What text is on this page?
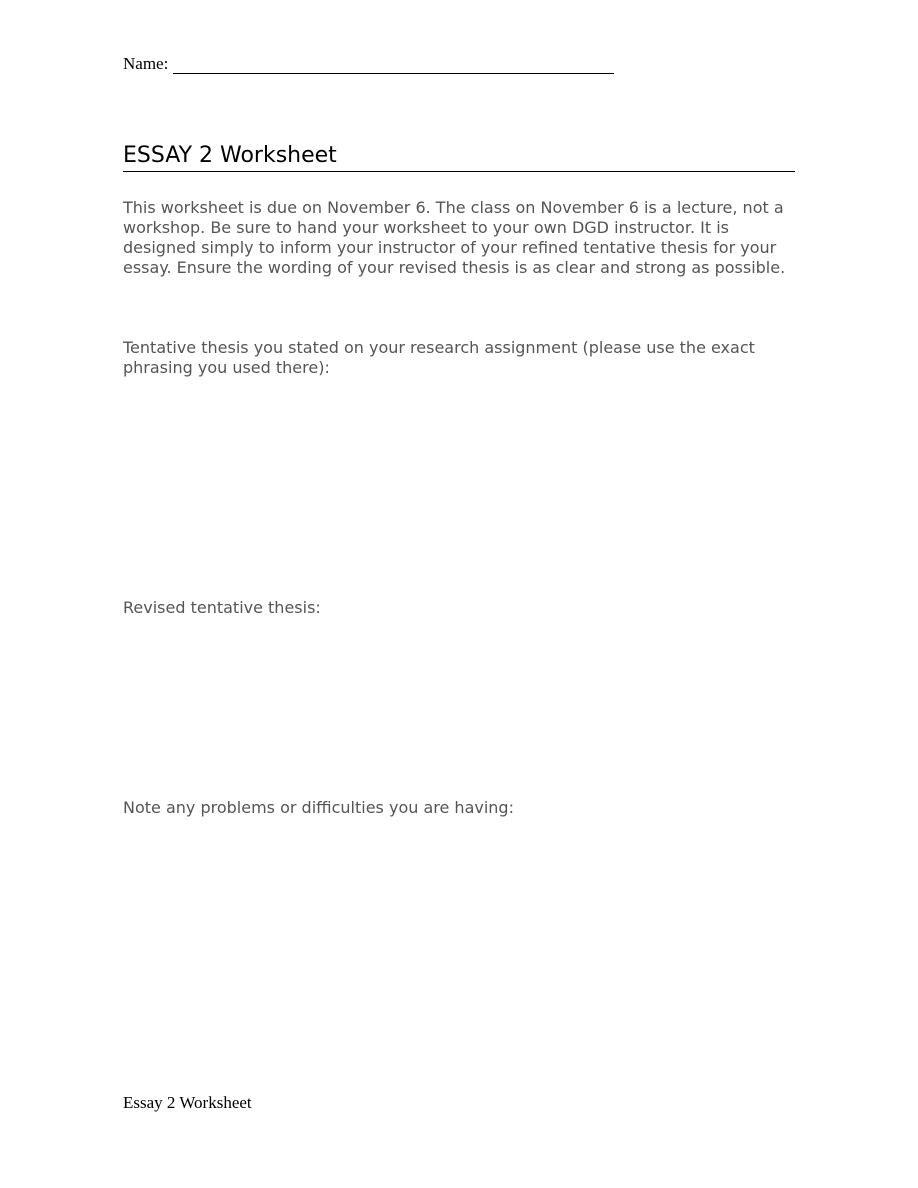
Name:
ESSAY 2 Worksheet
This worksheet is due on November 6. The class on November 6 is a lecture, not a workshop. Be sure to hand your worksheet to your own DGD instructor. It is designed simply to inform your instructor of your refined tentative thesis for your essay. Ensure the wording of your revised thesis is as clear and strong as possible.
Tentative thesis you stated on your research assignment (please use the exact phrasing you used there):
Revised tentative thesis:
Note any problems or difficulties you are having:
Essay 2 Worksheet
